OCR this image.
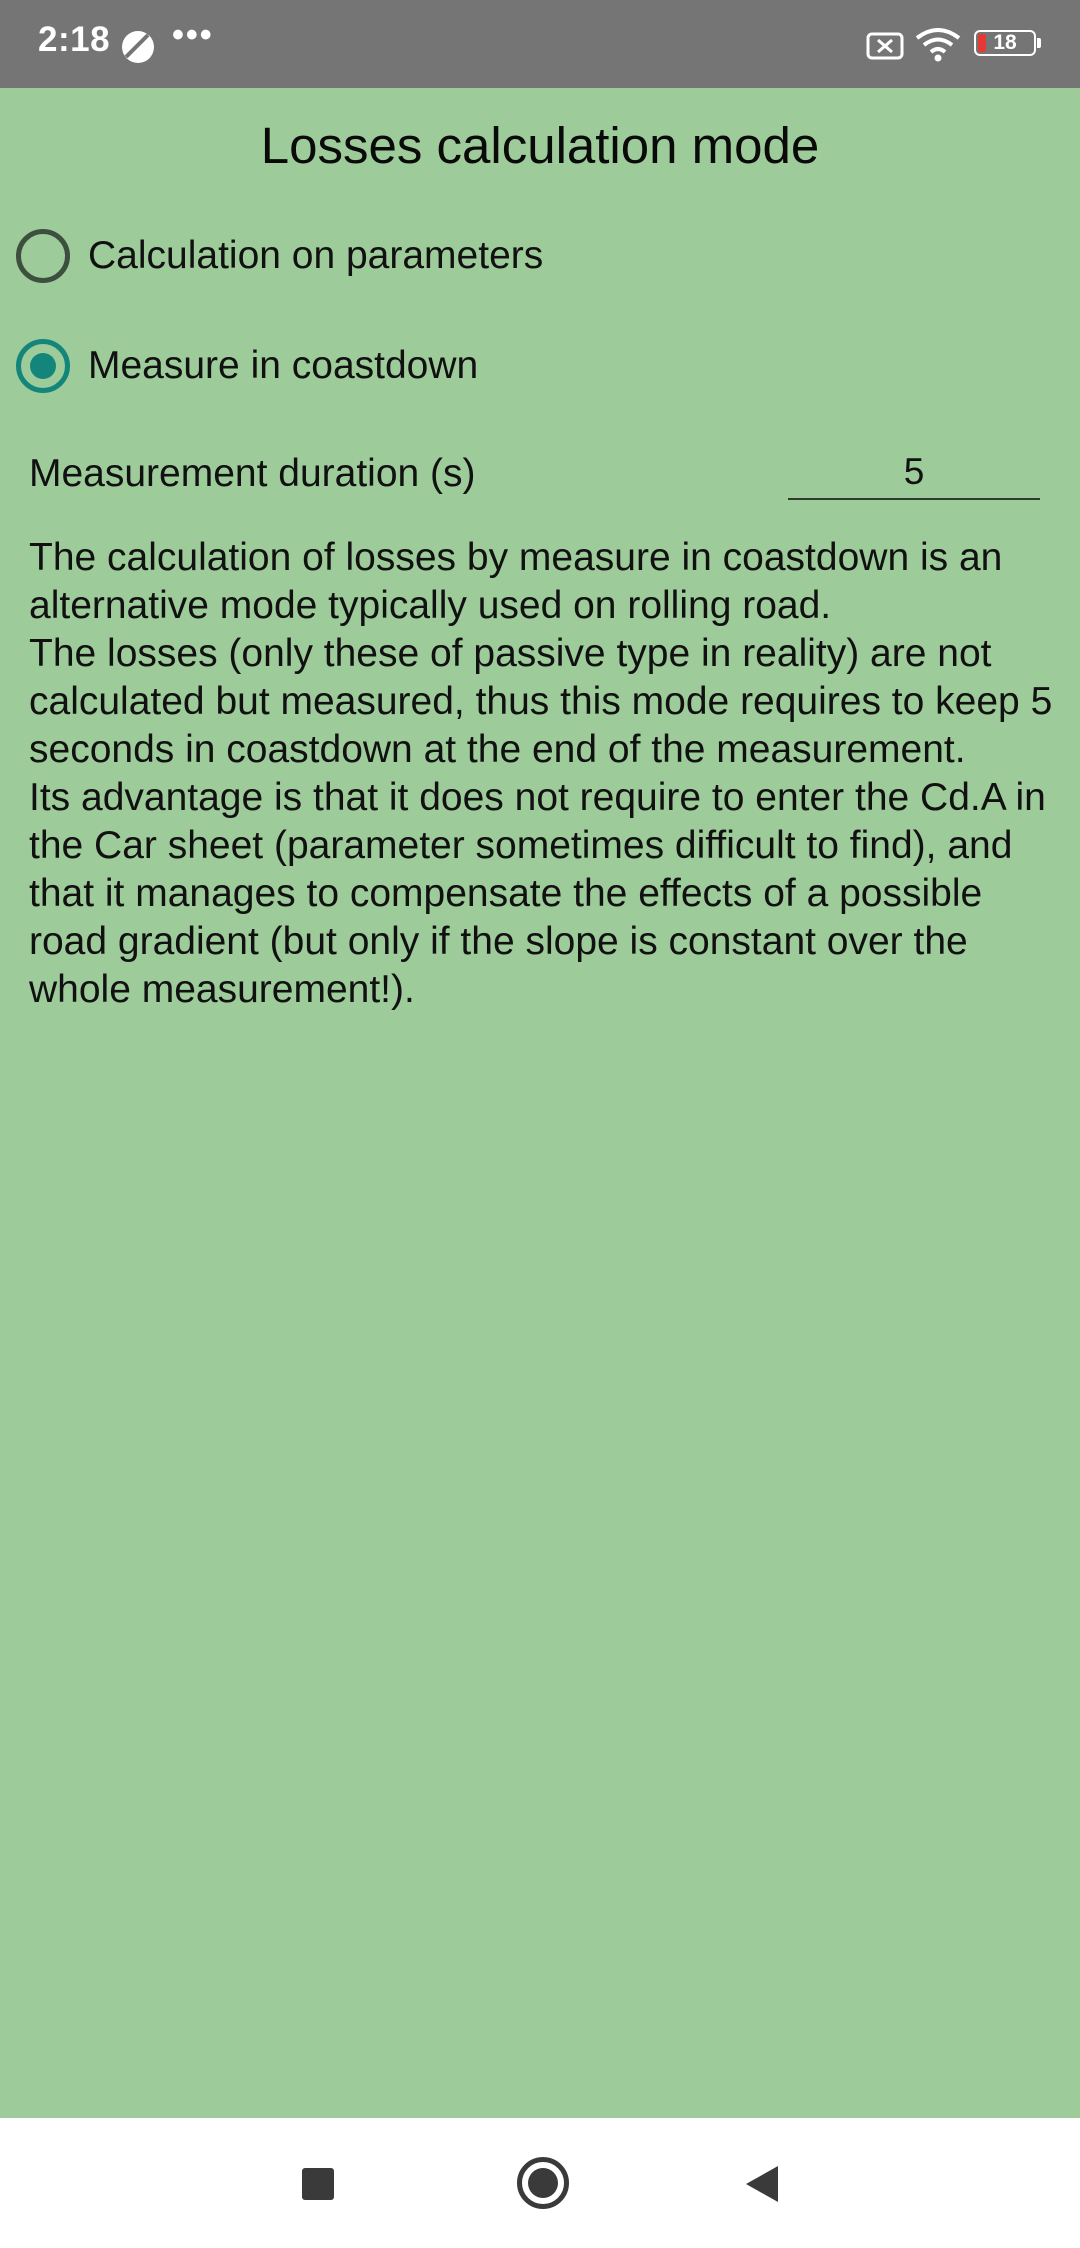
2:18 •••	18
Losses calculation mode
Calculation on parameters
Measure in coastdown
Measurement duration (s)
5

The calculation of losses by measure in coastdown is an alternative mode typically used on rolling road.

The losses (only these of passive type in reality) are not calculated but measured, thus this mode requires to keep 5 seconds in coastdown at the end of the measurement.

Its advantage is that it does not require to enter the Cd.A in the Car sheet (parameter sometimes difficult to find), and that it manages to compensate the effects of a possible road gradient (but only if the slope is constant over the whole measurement!).
